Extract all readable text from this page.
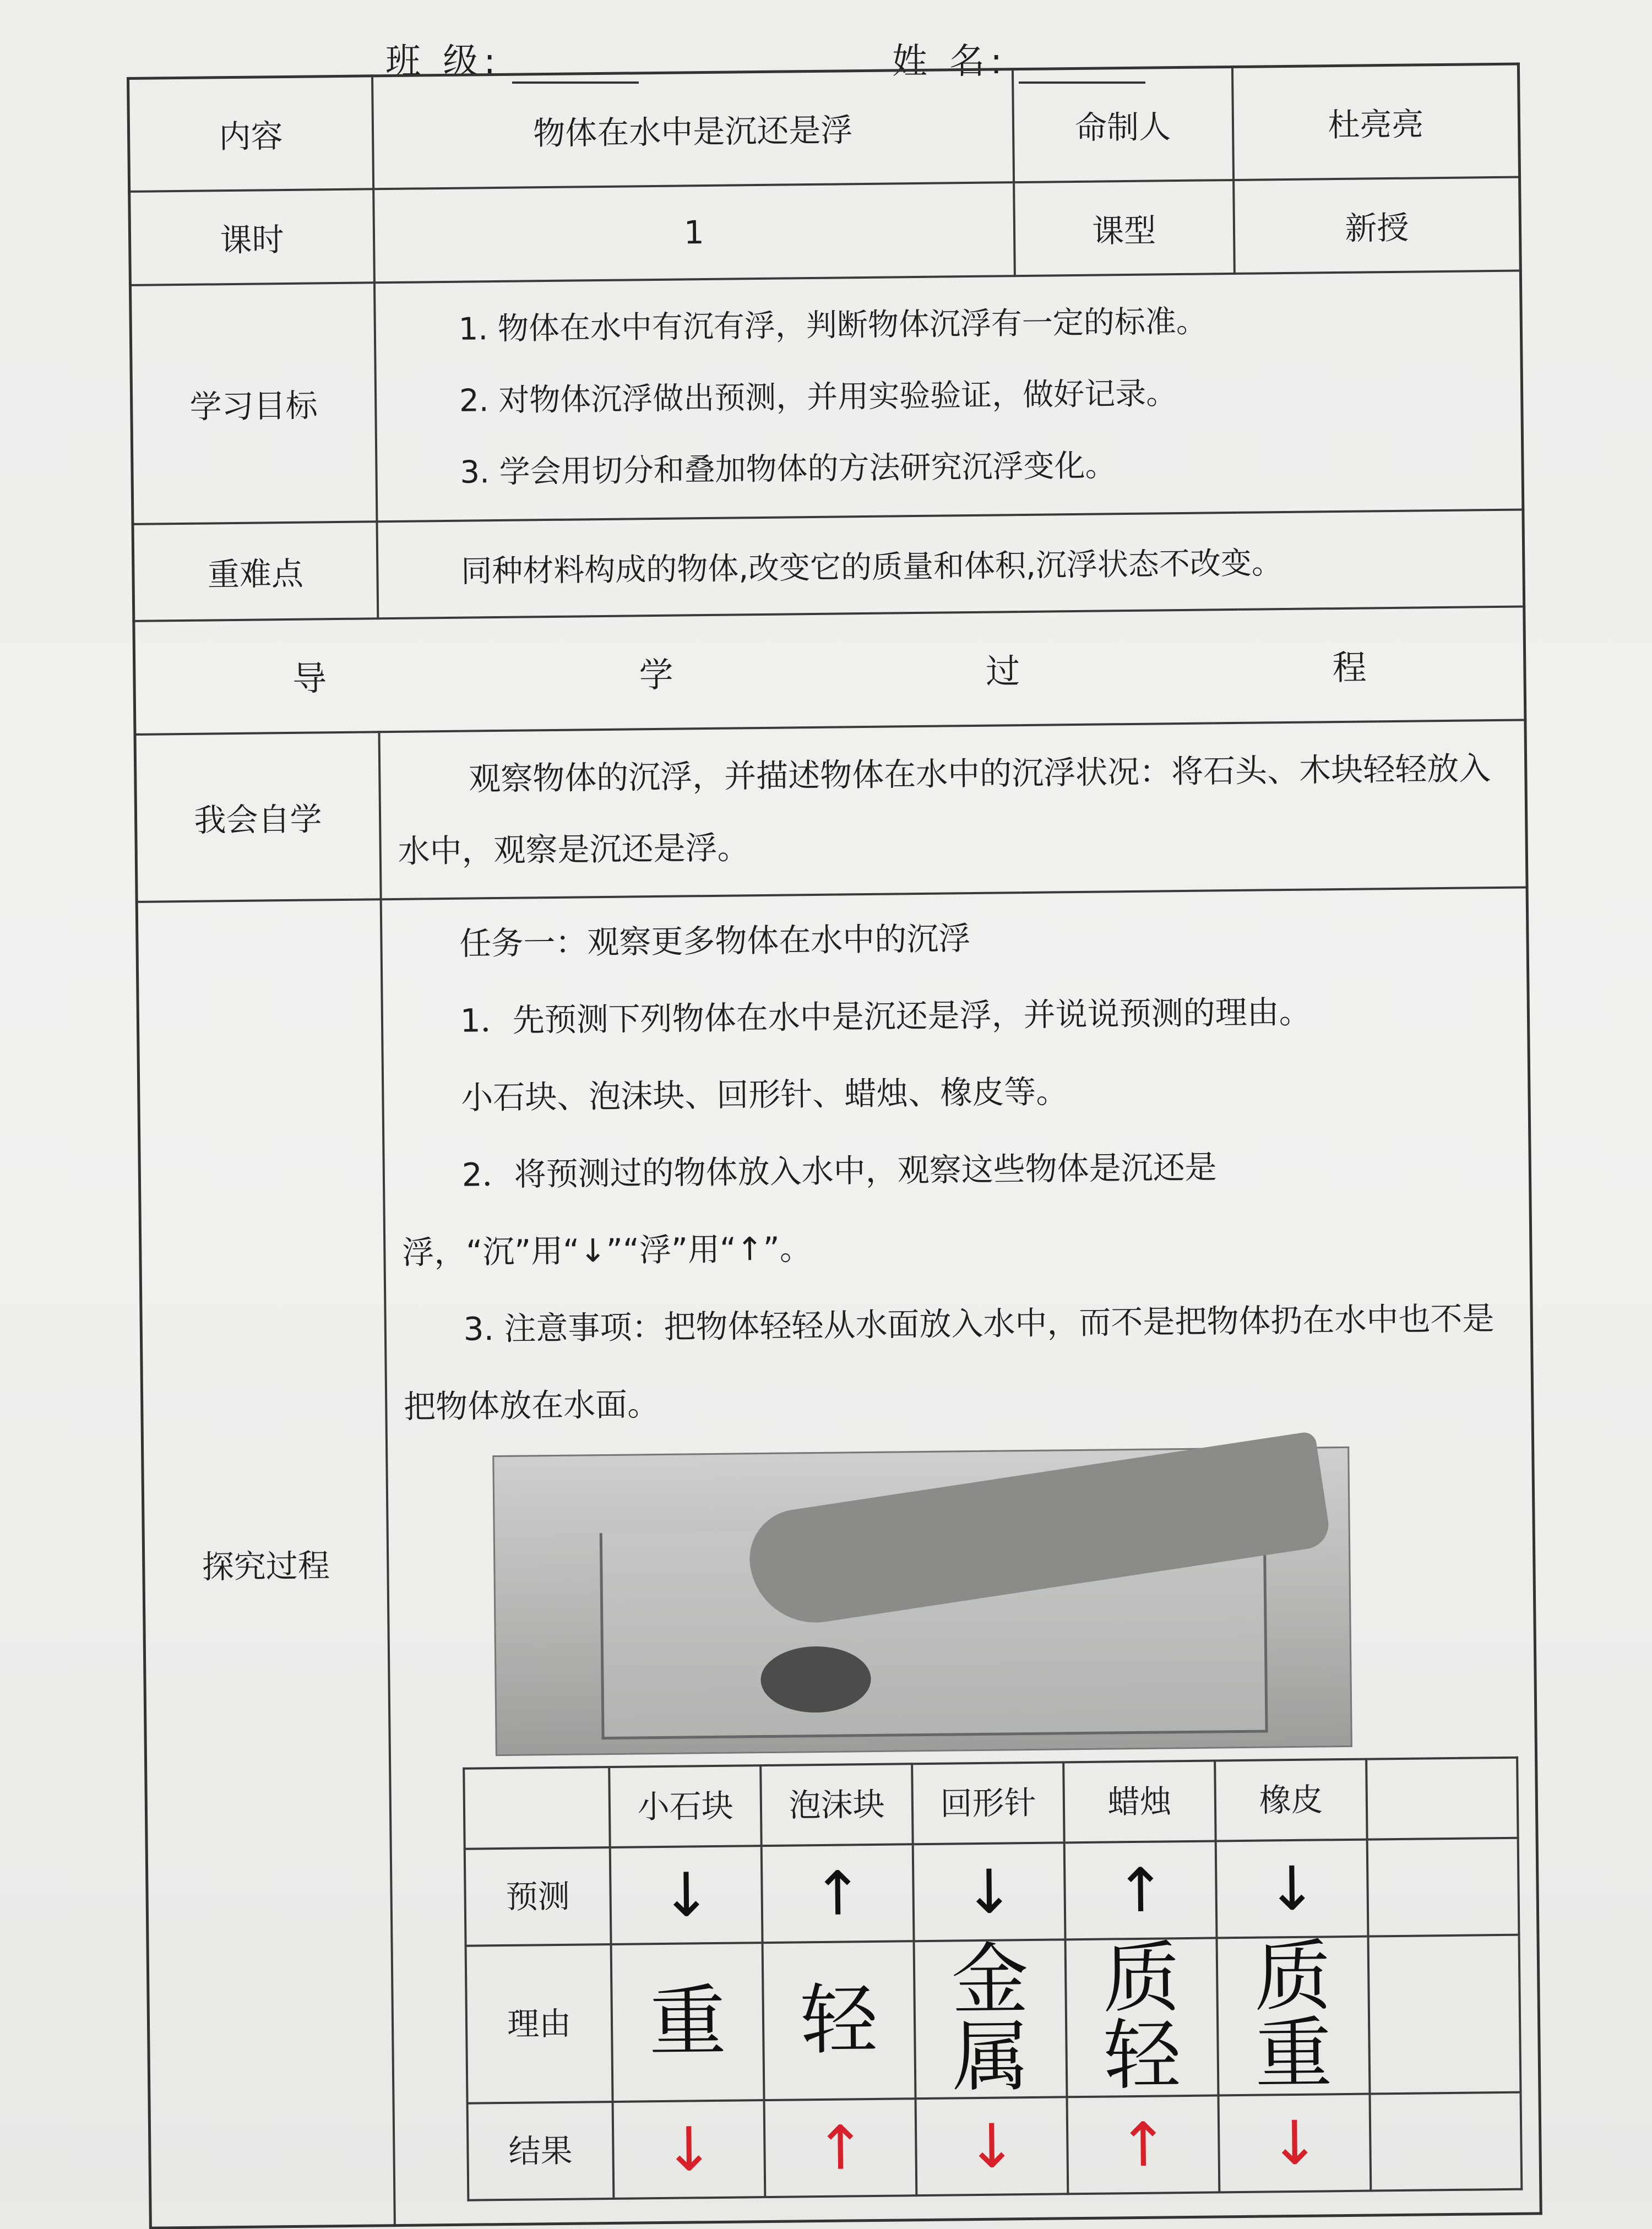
班 级:	姓 名:
内容	物体在水中是沉还是浮	命制人	杜亮亮
课时	1	课型	新授
学习目标	
1. 物体在水中有沉有浮，判断物体沉浮有一定的标准。
2. 对物体沉浮做出预测，并用实验验证，做好记录。
3. 学会用切分和叠加物体的方法研究沉浮变化。

重难点	同种材料构成的物体,改变它的质量和体积,沉浮状态不改变。
导	学	过	程
我会自学	观察物体的沉浮，并描述物体在水中的沉浮状况：将石头、木块轻轻放入水中，观察是沉还是浮。
探究过程	

任务一：观察更多物体在水中的沉浮

1．先预测下列物体在水中是沉还是浮，并说说预测的理由。

小石块、泡沫块、回形针、蜡烛、橡皮等。

2．将预测过的物体放入水中，观察这些物体是沉还是浮，“沉”用“↓”“浮”用“↑”。

3. 注意事项：把物体轻轻从水面放入水中，而不是把物体扔在水中也不是把物体放在水面。

	小石块	泡沫块	回形针	蜡烛	橡皮	
预测	↓	↑	↓	↑	↓	
理由	重	轻	金属	质轻	质重	
结果	↓	↑	↓	↑	↓	
